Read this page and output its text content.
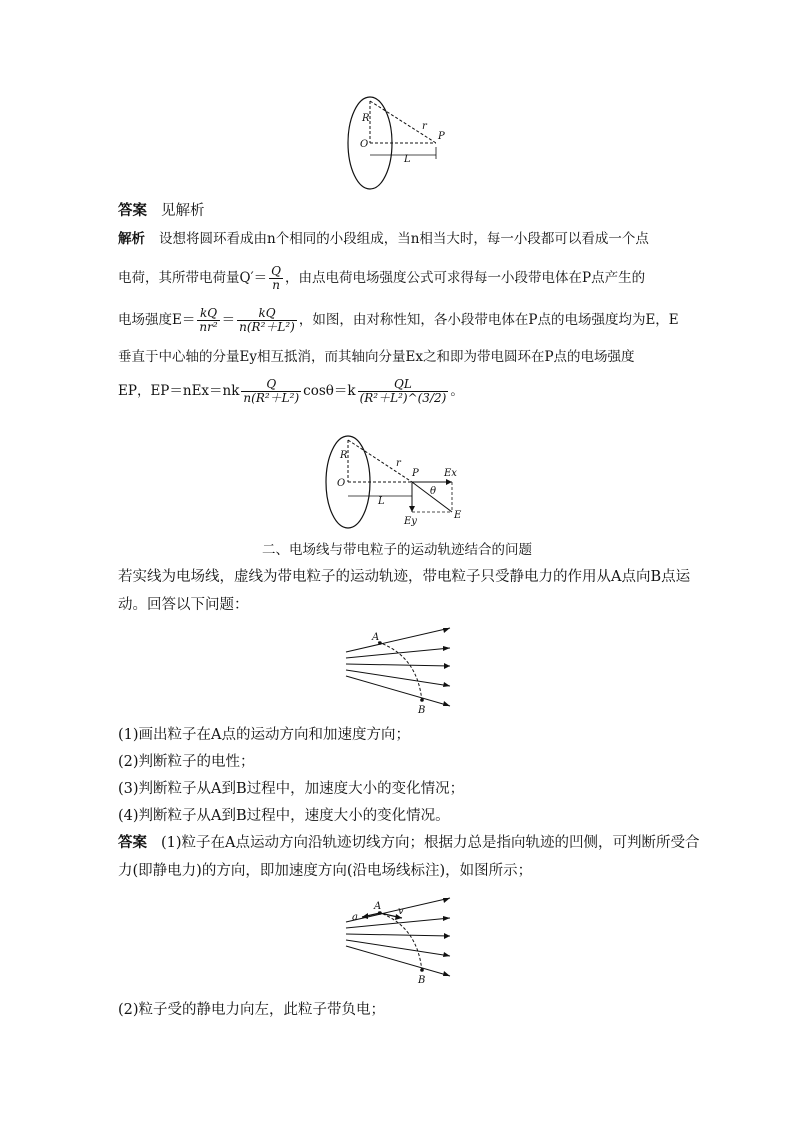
R
r
P
O
L
答案 见解析
解析 设想将圆环看成由n个相同的小段组成，当n相当大时，每一小段都可以看成一个点
电荷，其所带电荷量$Q'= \frac{Q}{n}$ ，由点电荷电场强度公式可求得每一小段带电体在P点产生的
电场强度$E= \frac{kQ}{\text{nr²}} = \frac{kQ}{\text{n(R²＋L²)}}$ ，如图，由对称性知，各小段带电体在P点的电场强度均为E，E
垂直于中心轴的分量Ey相互抵消，而其轴向分量Ex之和即为带电圆环在P点的电场强度
EP，$EP=nEx=nk \frac{Q}{\text{n(R²＋L²)}} \cos\theta=k \frac{QL}{\text{(R²＋L²)\textasciicircum{}(3/2)}}$ 。
R
r
P	Ex
O
L
θ
Ey
E
二、电场线与带电粒子的运动轨迹结合的问题
若实线为电场线，虚线为带电粒子的运动轨迹，带电粒子只受静电力的作用从A点向B点运
动。回答以下问题：
A
B
(1)画出粒子在A点的运动方向和加速度方向；
(2)判断粒子的电性；
(3)判断粒子从A到B过程中，加速度大小的变化情况；
(4)判断粒子从A到B过程中，速度大小的变化情况。
答案 (1)粒子在A点运动方向沿轨迹切线方向；根据力总是指向轨迹的凹侧，可判断所受合
力(即静电力)的方向，即加速度方向(沿电场线标注)，如图所示；
a
A v
B
(2)粒子受的静电力向左，此粒子带负电；
